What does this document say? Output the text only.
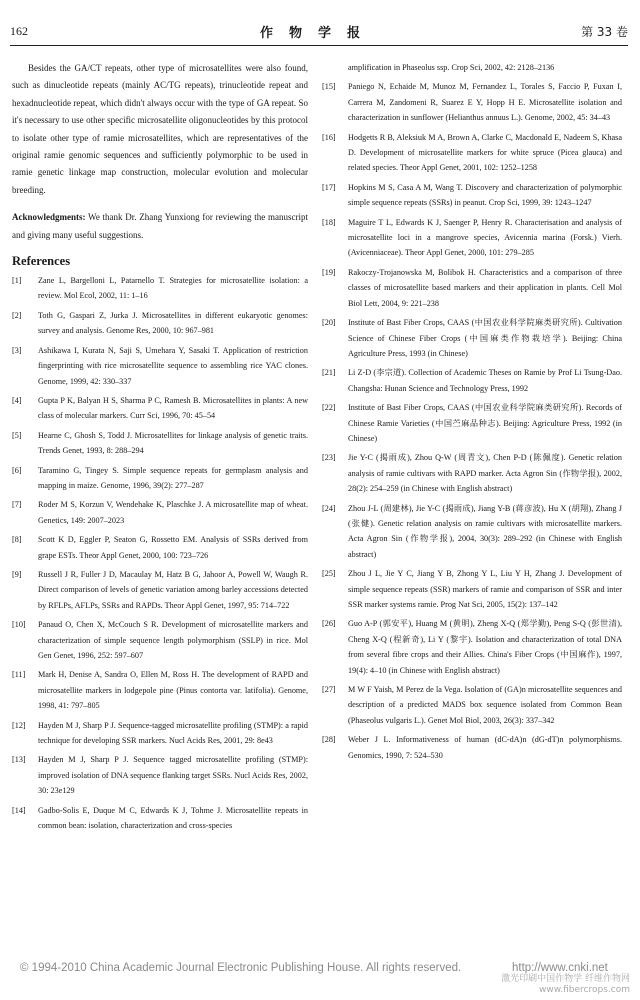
162	作物学报	第 33 卷

Besides the GA/CT repeats, other type of microsatellites were also found, such as dinucleotide repeats (mainly AC/TG repeats), trinucleotide repeat and hexadnucleotide repeat, which didn't always occur with the type of GA repeat. So it's necessary to use other specific microsatellite oligonucleotides by this protocol to isolate other type of ramie microsatellites, which are representatives of the original ramie genomic sequences and sufficiently polymorphic to be used in ramie genetic linkage map construction, molecular evolution and molecular breeding.

Acknowledgments: We thank Dr. Zhang Yunxiong for reviewing the manuscript and giving many useful suggestions.

References
[1] Zane L, Bargelloni L, Patarnello T. Strategies for microsatellite isolation: a review. Mol Ecol, 2002, 11: 1–16
[2] Toth G, Gaspari Z, Jurka J. Microsatellites in different eukaryotic genomes: survey and analysis. Genome Res, 2000, 10: 967–981
[3] Ashikawa I, Kurata N, Saji S, Umehara Y, Sasaki T. Application of restriction fingerprinting with rice microsatellite sequence to assembling rice YAC clones. Genome, 1999, 42: 330–337
[4] Gupta P K, Balyan H S, Sharma P C, Ramesh B. Microsatellites in plants: A new class of molecular markers. Curr Sci, 1996, 70: 45–54
[5] Hearne C, Ghosh S, Todd J. Microsatellites for linkage analysis of genetic traits. Trends Genet, 1993, 8: 288–294
[6] Taramino G, Tingey S. Simple sequence repeats for germplasm analysis and mapping in maize. Genome, 1996, 39(2): 277–287
[7] Roder M S, Korzun V, Wendehake K, Plaschke J. A microsatellite map of wheat. Genetics, 149: 2007–2023
[8] Scott K D, Eggler P, Seaton G, Rossetto EM. Analysis of SSRs derived from grape ESTs. Theor Appl Genet, 2000, 100: 723–726
[9] Russell J R, Fuller J D, Macaulay M, Hatz B G, Jahoor A, Powell W, Waugh R. Direct comparison of levels of genetic variation among barley accessions detected by RFLPs, AFLPs, SSRs and RAPDs. Theor Appl Genet, 1997, 95: 714–722
[10] Panaud O, Chen X, McCouch S R. Development of microsatellite markers and characterization of simple sequence length polymorphism (SSLP) in rice. Mol Gen Genet, 1996, 252: 597–607
[11] Mark H, Denise A, Sandra O, Ellen M, Ross H. The development of RAPD and microsatellite markers in lodgepole pine (Pinus contorta var. latifolia). Genome, 1998, 41: 797–805
[12] Hayden M J, Sharp P J. Sequence-tagged microsatellite profiling (STMP): a rapid technique for developing SSR markers. Nucl Acids Res, 2001, 29: 8e43
[13] Hayden M J, Sharp P J. Sequence tagged microsatellite profiling (STMP): improved isolation of DNA sequence flanking target SSRs. Nucl Acids Res, 2002, 30: 23e129
[14] Gadbo-Solis E, Duque M C, Edwards K J, Tohme J. Microsatellite repeats in common bean: isolation, characterization and cross-species
amplification in Phaseolus ssp. Crop Sci, 2002, 42: 2128–2136
[15] Paniego N, Echaide M, Munoz M, Fernandez L, Torales S, Faccio P, Fuxan I, Carrera M, Zandomeni R, Suarez E Y, Hopp H E. Microsatellite isolation and characterization in sunflower (Helianthus annuus L.). Genome, 2002, 45: 34–43
[16] Hodgetts R B, Aleksiuk M A, Brown A, Clarke C, Macdonald E, Nadeem S, Khasa D. Development of microsatellite markers for white spruce (Picea glauca) and related species. Theor Appl Genet, 2001, 102: 1252–1258
[17] Hopkins M S, Casa A M, Wang T. Discovery and characterization of polymorphic simple sequence repeats (SSRs) in peanut. Crop Sci, 1999, 39: 1243–1247
[18] Maguire T L, Edwards K J, Saenger P, Henry R. Characterisation and analysis of microsatellite loci in a mangrove species, Avicennia marina (Forsk.) Vierh. (Avicenniaceae). Theor Appl Genet, 2000, 101: 279–285
[19] Rakoczy-Trojanowska M, Bolibok H. Characteristics and a comparison of three classes of microsatellite based markers and their application in plants. Cell Mol Biol Lett, 2004, 9: 221–238
[20] Institute of Bast Fiber Crops, CAAS (中国农业科学院麻类研究所). Cultivation Science of Chinese Fiber Crops (中国麻类作物栽培学). Beijing: China Agriculture Press, 1993 (in Chinese)
[21] Li Z-D (李宗道). Collection of Academic Theses on Ramie by Prof Li Tsung-Dao. Changsha: Hunan Science and Technology Press, 1992
[22] Institute of Bast Fiber Crops, CAAS (中国农业科学院麻类研究所). Records of Chinese Ramie Varieties (中国苎麻品种志). Beijing: Agriculture Press, 1992 (in Chinese)
[23] Jie Y-C (揭雨成), Zhou Q-W (周青文), Chen P-D (陈佩度). Genetic relation analysis of ramie cultivars with RAPD marker. Acta Agron Sin (作物学报), 2002, 28(2): 254–259 (in Chinese with English abstract)
[24] Zhou J-L (周建林), Jie Y-C (揭雨成), Jiang Y-B (蒋彦波), Hu X (胡翔), Zhang J (张健). Genetic relation analysis on ramie cultivars with microsatellite markers. Acta Agron Sin (作物学报), 2004, 30(3): 289–292 (in Chinese with English abstract)
[25] Zhou J L, Jie Y C, Jiang Y B, Zhong Y L, Liu Y H, Zhang J. Development of simple sequence repeats (SSR) markers of ramie and comparison of SSR and inter SSR marker systems ramie. Prog Nat Sci, 2005, 15(2): 137–142
[26] Guo A-P (郭安平), Huang M (黄明), Zheng X-Q (郑学勤), Peng S-Q (彭世清), Cheng X-Q (程新奇), Li Y (黎宇). Isolation and characterization of total DNA from several fibre crops and their Allies. China's Fiber Crops (中国麻作), 1997, 19(4): 4–10 (in Chinese with English abstract)
[27] M W F Yaish, M Perez de la Vega. Isolation of (GA)n microsatellite sequences and description of a predicted MADS box sequence isolated from Common Bean (Phaseolus vulgaris L.). Genet Mol Biol, 2003, 26(3): 337–342
[28] Weber J L. Informativeness of human (dC-dA)n (dG-dT)n polymorphisms. Genomics, 1990, 7: 524–530
© 1994-2010 China Academic Journal Electronic Publishing House. All rights reserved.	http://www.cnki.net
激光印刷中国作物学 纤维作物网
www.fibercrops.com
